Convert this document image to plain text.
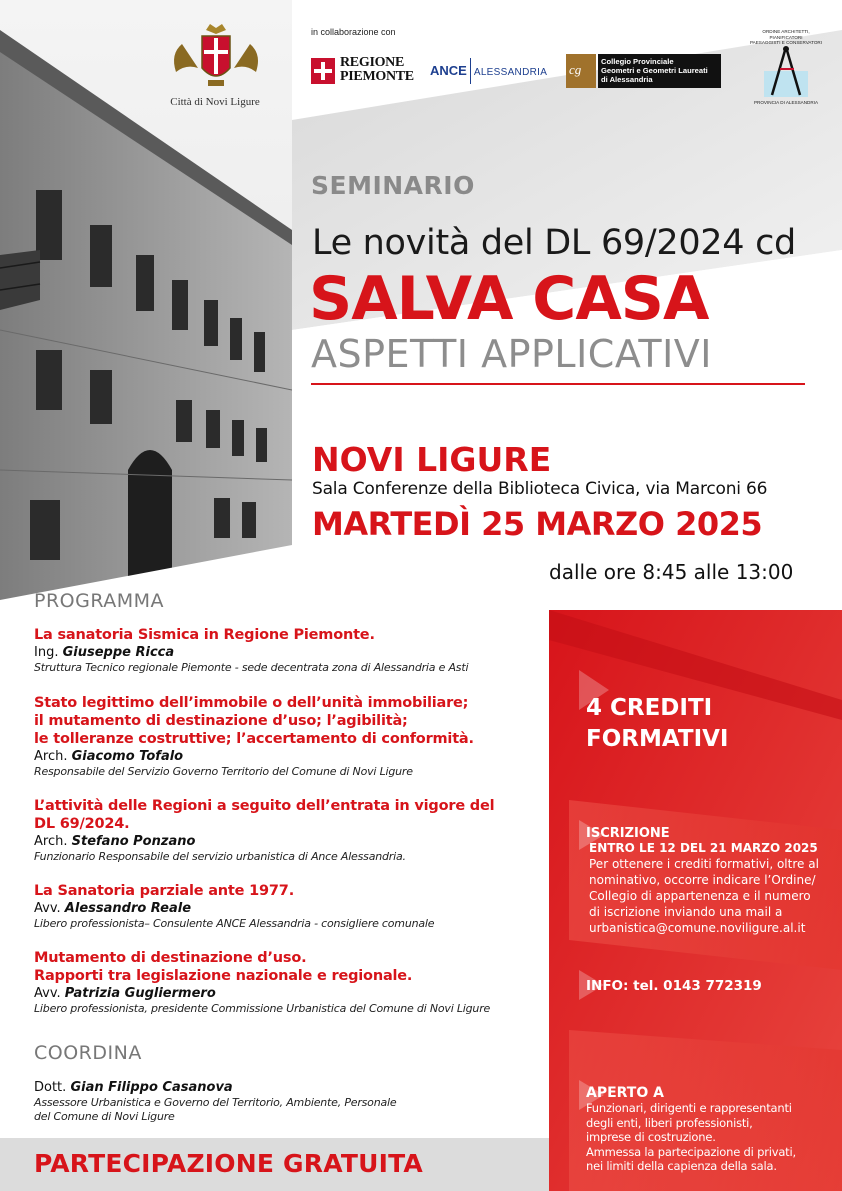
Città di Novi Ligure
in collaborazione con
REGIONE
PIEMONTE ANCE ALESSANDRIA cg
Collegio Provinciale
Geometri e Geometri Laureati
di Alessandria
ORDINE ARCHITETTI, PIANIFICATORI
PAESAGGISTI E CONSERVATORI
PROVINCIA DI ALESSANDRIA
SEMINARIO
Le novità del DL 69/2024 cd
SALVA CASA
ASPETTI APPLICATIVI
NOVI LIGURE
Sala Conferenze della Biblioteca Civica, via Marconi 66
MARTEDÌ 25 MARZO 2025
dalle ore 8:45 alle 13:00
4 CREDITI
FORMATIVI
ISCRIZIONE
ENTRO LE 12 DEL 21 MARZO 2025
Per ottenere i crediti formativi, oltre al
nominativo, occorre indicare l’Ordine/
Collegio di appartenenza e il numero
di iscrizione inviando una mail a
urbanistica@comune.noviligure.al.it
INFO: tel. 0143 772319
APERTO A
Funzionari, dirigenti e rappresentanti
degli enti, liberi professionisti,
imprese di costruzione.
Ammessa la partecipazione di privati,
nei limiti della capienza della sala.
PROGRAMMA
La sanatoria Sismica in Regione Piemonte.
Ing. Giuseppe Ricca
Struttura Tecnico regionale Piemonte - sede decentrata zona di Alessandria e Asti
Stato legittimo dell’immobile o dell’unità immobiliare;
il mutamento di destinazione d’uso; l’agibilità;
le tolleranze costruttive; l’accertamento di conformità.
Arch. Giacomo Tofalo
Responsabile del Servizio Governo Territorio del Comune di Novi Ligure
L’attività delle Regioni a seguito dell’entrata in vigore del
DL 69/2024.
Arch. Stefano Ponzano
Funzionario Responsabile del servizio urbanistica di Ance Alessandria.
La Sanatoria parziale ante 1977.
Avv. Alessandro Reale
Libero professionista– Consulente ANCE Alessandria - consigliere comunale
Mutamento di destinazione d’uso.
Rapporti tra legislazione nazionale e regionale.
Avv. Patrizia Gugliermero
Libero professionista, presidente Commissione Urbanistica del Comune di Novi Ligure
COORDINA
Dott. Gian Filippo Casanova
Assessore Urbanistica e Governo del Territorio, Ambiente, Personale
del Comune di Novi Ligure
PARTECIPAZIONE GRATUITA
